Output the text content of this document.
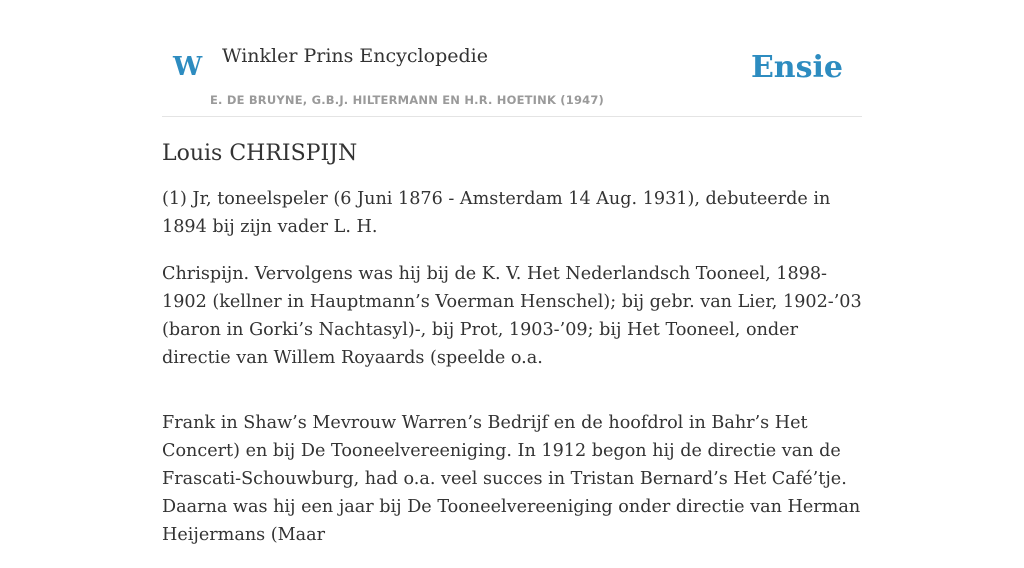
W Winkler Prins Encyclopedie
E. DE BRUYNE, G.B.J. HILTERMANN EN H.R. HOETINK (1947)
Ensie
Louis CHRISPIJN

(1) Jr, toneelspeler (6 Juni 1876 - Amsterdam 14 Aug. 1931), debuteerde in 1894 bij zijn vader L. H.

Chrispijn. Vervolgens was hij bij de K. V. Het Nederlandsch Tooneel, 1898-1902 (kellner in Hauptmann’s Voerman Henschel); bij gebr. van Lier, 1902-’03 (baron in Gorki’s Nachtasyl)-, bij Prot, 1903-’09; bij Het Tooneel, onder directie van Willem Royaards (speelde o.a.

Frank in Shaw’s Mevrouw Warren’s Bedrijf en de hoofdrol in Bahr’s Het Concert) en bij De Tooneelvereeniging. In 1912 begon hij de directie van de Frascati-Schouwburg, had o.a. veel succes in Tristan Bernard’s Het Café’tje. Daarna was hij een jaar bij De Tooneelvereeniging onder directie van Herman Heijermans (Maar
